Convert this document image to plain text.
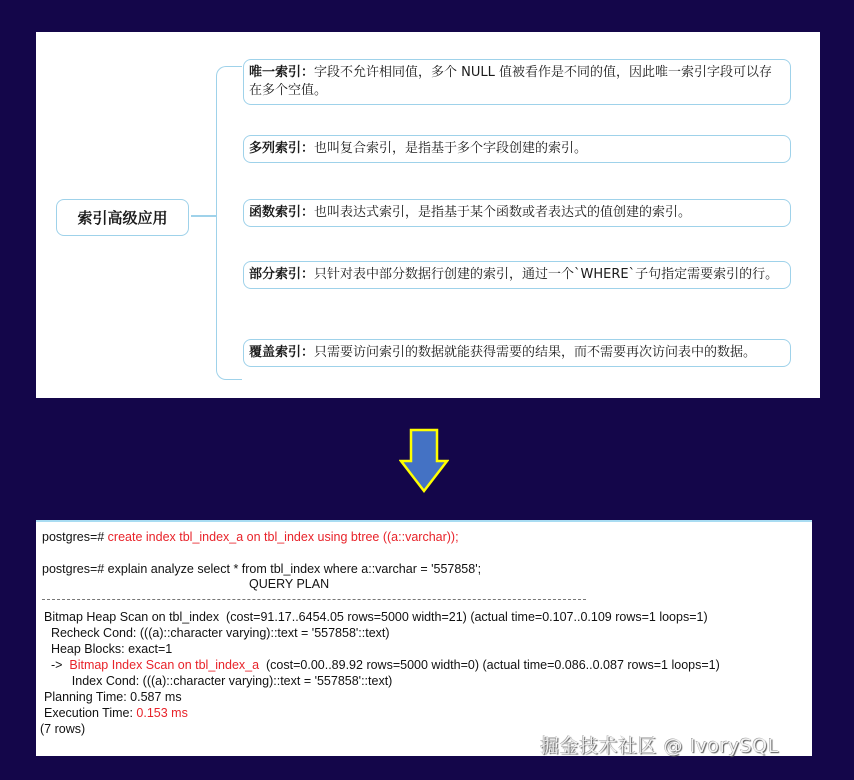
索引高级应用
唯一索引：字段不允许相同值，多个 NULL 值被看作是不同的值，因此唯一索引字段可以存在多个空值。
多列索引：也叫复合索引，是指基于多个字段创建的索引。
函数索引：也叫表达式索引，是指基于某个函数或者表达式的值创建的索引。
部分索引：只针对表中部分数据行创建的索引，通过一个`WHERE`子句指定需要索引的行。
覆盖索引：只需要访问索引的数据就能获得需要的结果，而不需要再次访问表中的数据。
postgres=# create index tbl_index_a on tbl_index using btree ((a::varchar));
postgres=# explain analyze select * from tbl_index where a::varchar = '557858';
QUERY PLAN
Bitmap Heap Scan on tbl_index  (cost=91.17..6454.05 rows=5000 width=21) (actual time=0.107..0.109 rows=1 loops=1)
Recheck Cond: (((a)::character varying)::text = '557858'::text)
Heap Blocks: exact=1
->  Bitmap Index Scan on tbl_index_a  (cost=0.00..89.92 rows=5000 width=0) (actual time=0.086..0.087 rows=1 loops=1)
Index Cond: (((a)::character varying)::text = '557858'::text)
Planning Time: 0.587 ms
Execution Time: 0.153 ms
(7 rows)
掘金技术社区 @ IvorySQL
